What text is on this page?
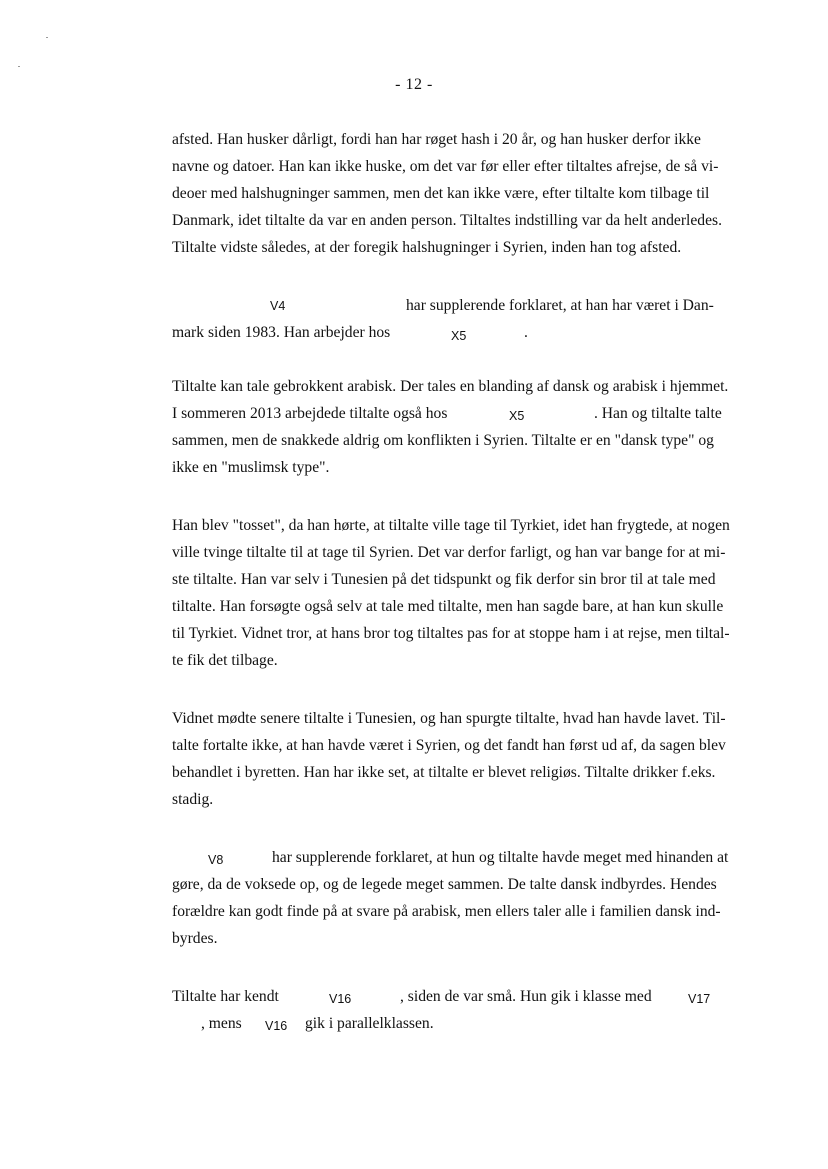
- 12 -
afsted. Han husker dårligt, fordi han har røget hash i 20 år, og han husker derfor ikke
navne og datoer. Han kan ikke huske, om det var før eller efter tiltaltes afrejse, de så vi-
deoer med halshugninger sammen, men det kan ikke være, efter tiltalte kom tilbage til
Danmark, idet tiltalte da var en anden person. Tiltaltes indstilling var da helt anderledes.
Tiltalte vidste således, at der foregik halshugninger i Syrien, inden han tog afsted.
V4	har supplerende forklaret, at han har været i Dan-
mark siden 1983. Han arbejder hos	X5	.
Tiltalte kan tale gebrokkent arabisk. Der tales en blanding af dansk og arabisk i hjemmet.
I sommeren 2013 arbejdede tiltalte også hos	X5	. Han og tiltalte talte
sammen, men de snakkede aldrig om konflikten i Syrien. Tiltalte er en "dansk type" og
ikke en "muslimsk type".
Han blev "tosset", da han hørte, at tiltalte ville tage til Tyrkiet, idet han frygtede, at nogen
ville tvinge tiltalte til at tage til Syrien. Det var derfor farligt, og han var bange for at mi-
ste tiltalte. Han var selv i Tunesien på det tidspunkt og fik derfor sin bror til at tale med
tiltalte. Han forsøgte også selv at tale med tiltalte, men han sagde bare, at han kun skulle
til Tyrkiet. Vidnet tror, at hans bror tog tiltaltes pas for at stoppe ham i at rejse, men tiltal-
te fik det tilbage.
Vidnet mødte senere tiltalte i Tunesien, og han spurgte tiltalte, hvad han havde lavet. Til-
talte fortalte ikke, at han havde været i Syrien, og det fandt han først ud af, da sagen blev
behandlet i byretten. Han har ikke set, at tiltalte er blevet religiøs. Tiltalte drikker f.eks.
stadig.
V8	har supplerende forklaret, at hun og tiltalte havde meget med hinanden at
gøre, da de voksede op, og de legede meget sammen. De talte dansk indbyrdes. Hendes
forældre kan godt finde på at svare på arabisk, men ellers taler alle i familien dansk ind-
byrdes.
Tiltalte har kendt	V16	, siden de var små. Hun gik i klasse med	V17
, mens V16 gik i parallelklassen.
